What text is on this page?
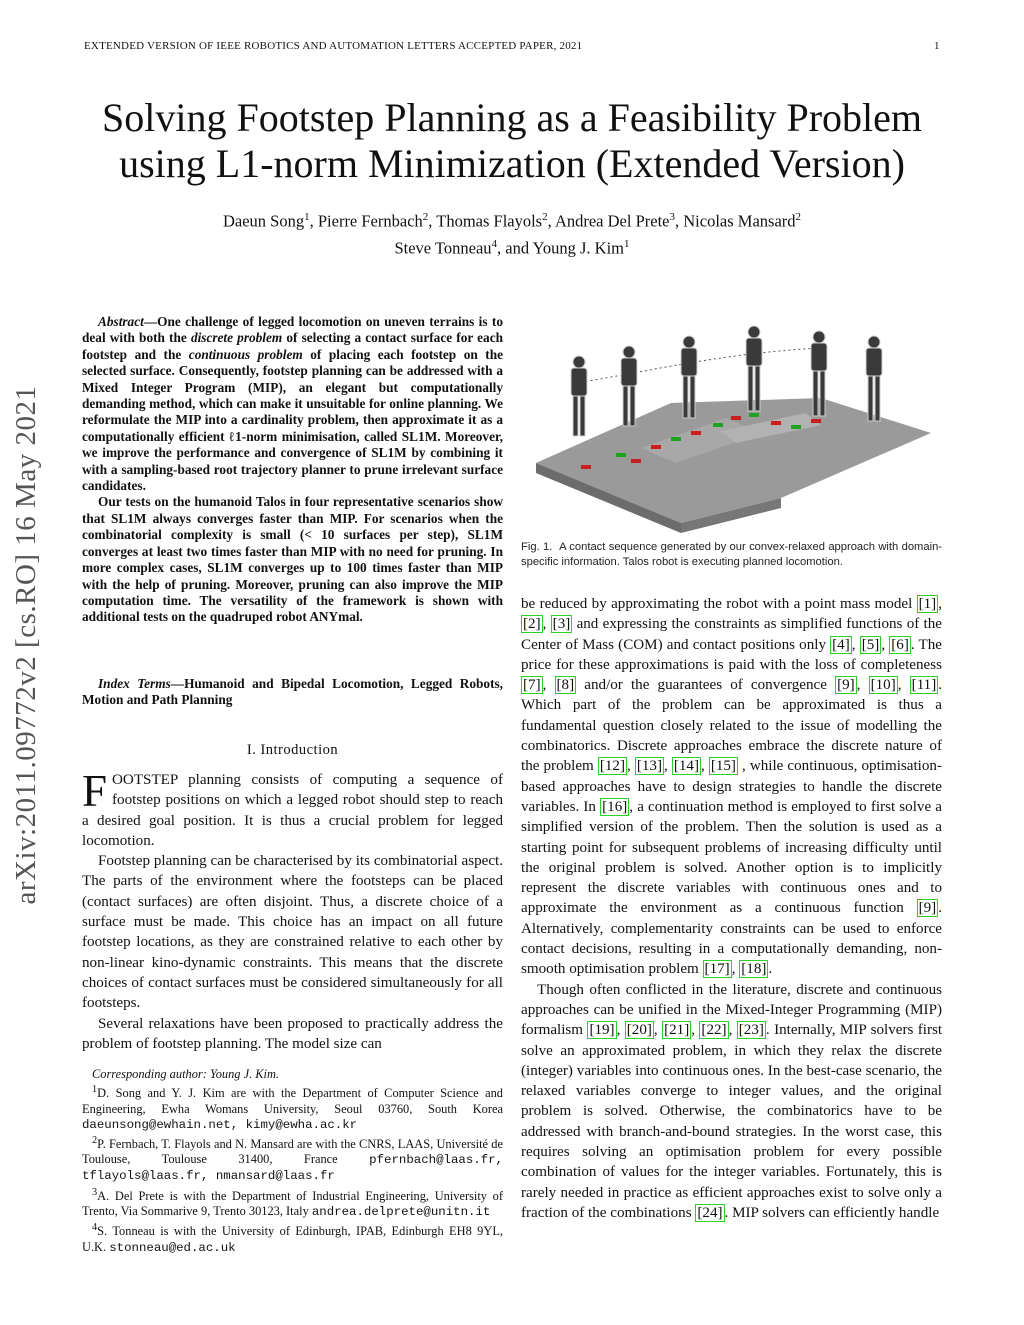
EXTENDED VERSION OF IEEE ROBOTICS AND AUTOMATION LETTERS ACCEPTED PAPER, 2021	1
Solving Footstep Planning as a Feasibility Problem
using L1-norm Minimization (Extended Version)
Daeun Song$^1$, Pierre Fernbach$^2$, Thomas Flayols$^2$, Andrea Del Prete$^3$, Nicolas Mansard$^2$
Steve Tonneau$^4$, and Young J. Kim$^1$
arXiv:2011.09772v2 [cs.RO] 16 May 2021

Abstract—One challenge of legged locomotion on uneven terrains is to deal with both the discrete problem of selecting a contact surface for each footstep and the continuous problem of placing each footstep on the selected surface. Consequently, footstep planning can be addressed with a Mixed Integer Program (MIP), an elegant but computationally demanding method, which can make it unsuitable for online planning. We reformulate the MIP into a cardinality problem, then approximate it as a computationally efficient ℓ1-norm minimisation, called SL1M. Moreover, we improve the performance and convergence of SL1M by combining it with a sampling-based root trajectory planner to prune irrelevant surface candidates.

Our tests on the humanoid Talos in four representative scenarios show that SL1M always converges faster than MIP. For scenarios when the combinatorial complexity is small (< 10 surfaces per step), SL1M converges at least two times faster than MIP with no need for pruning. In more complex cases, SL1M converges up to 100 times faster than MIP with the help of pruning. Moreover, pruning can also improve the MIP computation time. The versatility of the framework is shown with additional tests on the quadruped robot ANYmal.

Index Terms—Humanoid and Bipedal Locomotion, Legged Robots, Motion and Path Planning
I. Introduction

FOOTSTEP planning consists of computing a sequence of footstep positions on which a legged robot should step to reach a desired goal position. It is thus a crucial problem for legged locomotion.

Footstep planning can be characterised by its combinatorial aspect. The parts of the environment where the footsteps can be placed (contact surfaces) are often disjoint. Thus, a discrete choice of a surface must be made. This choice has an impact on all future footstep locations, as they are constrained relative to each other by non-linear kino-dynamic constraints. This means that the discrete choices of contact surfaces must be considered simultaneously for all footsteps.

Several relaxations have been proposed to practically address the problem of footstep planning. The model size can

Corresponding author: Young J. Kim.

$^1$D. Song and Y. J. Kim are with the Department of Computer Science and Engineering, Ewha Womans University, Seoul 03760, South Korea daeunsong@ewhain.net, kimy@ewha.ac.kr

$^2$P. Fernbach, T. Flayols and N. Mansard are with the CNRS, LAAS, Université de Toulouse, Toulouse 31400, France	pfernbach@laas.fr, tflayols@laas.fr, nmansard@laas.fr

$^3$A. Del Prete is with the Department of Industrial Engineering, University of Trento, Via Sommarive 9, Trento 30123, Italy andrea.delprete@unitn.it

$^4$S. Tonneau is with the University of Edinburgh, IPAB, Edinburgh EH8 9YL, U.K. stonneau@ed.ac.uk

Fig. 1. A contact sequence generated by our convex-relaxed approach with domain-specific information. Talos robot is executing planned locomotion.

be reduced by approximating the robot with a point mass model [1] , [2] , [3] and expressing the constraints as simplified functions of the Center of Mass (COM) and contact positions only [4] , [5] , [6] . The price for these approximations is paid with the loss of completeness [7] , [8] and/or the guarantees of convergence [9] , [10] , [11] . Which part of the problem can be approximated is thus a fundamental question closely related to the issue of modelling the combinatorics. Discrete approaches embrace the discrete nature of the problem [12] , [13] , [14] , [15] , while continuous, optimisation-based approaches have to design strategies to handle the discrete variables. In [16] , a continuation method is employed to first solve a simplified version of the problem. Then the solution is used as a starting point for subsequent problems of increasing difficulty until the original problem is solved. Another option is to implicitly represent the discrete variables with continuous ones and to approximate the environment as a continuous function [9] . Alternatively, complementarity constraints can be used to enforce contact decisions, resulting in a computationally demanding, non-smooth optimisation problem [17] , [18] .

Though often conflicted in the literature, discrete and continuous approaches can be unified in the Mixed-Integer Programming (MIP) formalism [19] , [20] , [21] , [22] , [23] . Internally, MIP solvers first solve an approximated problem, in which they relax the discrete (integer) variables into continuous ones. In the best-case scenario, the relaxed variables converge to integer values, and the original problem is solved. Otherwise, the combinatorics have to be addressed with branch-and-bound strategies. In the worst case, this requires solving an optimisation problem for every possible combination of values for the integer variables. Fortunately, this is rarely needed in practice as efficient approaches exist to solve only a fraction of the combinations [24] . MIP solvers can efficiently handle
